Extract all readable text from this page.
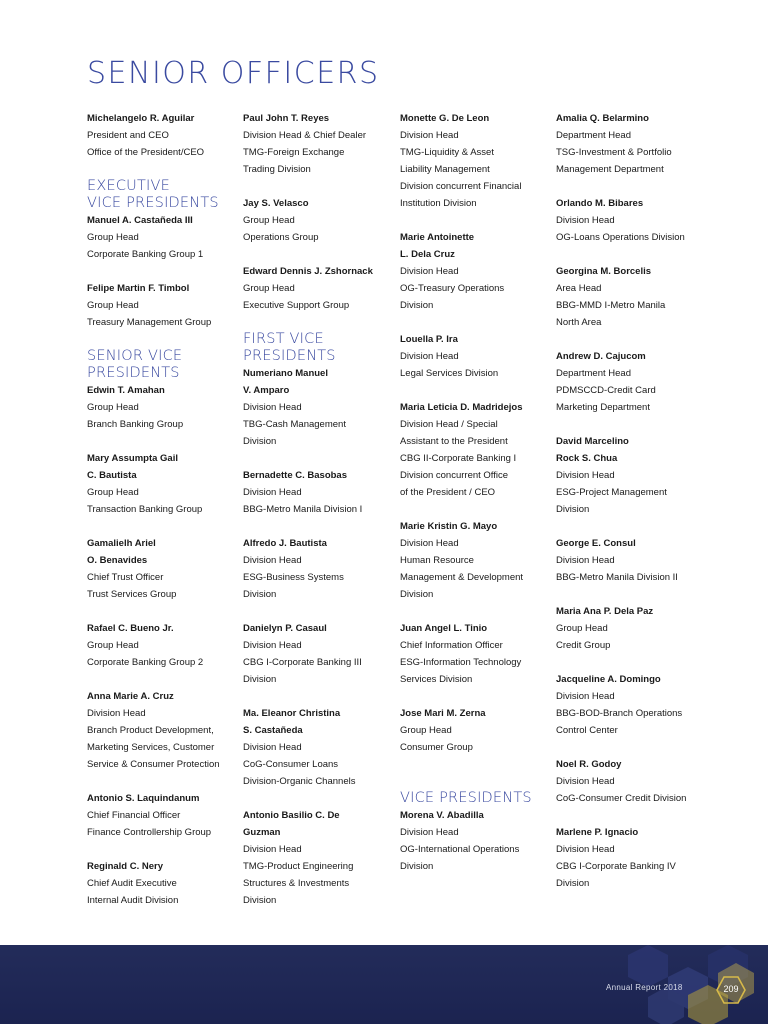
SENIOR OFFICERS
Michelangelo R. Aguilar
President and CEO
Office of the President/CEO
EXECUTIVE
VICE PRESIDENTS
Manuel A. Castañeda III
Group Head
Corporate Banking Group 1
Felipe Martin F. Timbol
Group Head
Treasury Management Group
SENIOR VICE
PRESIDENTS
Edwin T. Amahan
Group Head
Branch Banking Group
Mary Assumpta Gail
C. Bautista
Group Head
Transaction Banking Group
Gamalielh Ariel
O. Benavides
Chief Trust Officer
Trust Services Group
Rafael C. Bueno Jr.
Group Head
Corporate Banking Group 2
Anna Marie A. Cruz
Division Head
Branch Product Development,
Marketing Services, Customer
Service & Consumer Protection
Antonio S. Laquindanum
Chief Financial Officer
Finance Controllership Group
Reginald C. Nery
Chief Audit Executive
Internal Audit Division
Paul John T. Reyes
Division Head & Chief Dealer
TMG-Foreign Exchange
Trading Division
Jay S. Velasco
Group Head
Operations Group
Edward Dennis J. Zshornack
Group Head
Executive Support Group
FIRST VICE
PRESIDENTS
Numeriano Manuel
V. Amparo
Division Head
TBG-Cash Management
Division
Bernadette C. Basobas
Division Head
BBG-Metro Manila Division I
Alfredo J. Bautista
Division Head
ESG-Business Systems
Division
Danielyn P. Casaul
Division Head
CBG I-Corporate Banking III
Division
Ma. Eleanor Christina
S. Castañeda
Division Head
CoG-Consumer Loans
Division-Organic Channels
Antonio Basilio C. De
Guzman
Division Head
TMG-Product Engineering
Structures & Investments
Division
Monette G. De Leon
Division Head
TMG-Liquidity & Asset
Liability Management
Division concurrent Financial
Institution Division
Marie Antoinette
L. Dela Cruz
Division Head
OG-Treasury Operations
Division
Louella P. Ira
Division Head
Legal Services Division
Maria Leticia D. Madridejos
Division Head / Special
Assistant to the President
CBG II-Corporate Banking I
Division concurrent Office
of the President / CEO
Marie Kristin G. Mayo
Division Head
Human Resource
Management & Development
Division
Juan Angel L. Tinio
Chief Information Officer
ESG-Information Technology
Services Division
Jose Mari M. Zerna
Group Head
Consumer Group
VICE PRESIDENTS
Morena V. Abadilla
Division Head
OG-International Operations
Division
Amalia Q. Belarmino
Department Head
TSG-Investment & Portfolio
Management Department
Orlando M. Bibares
Division Head
OG-Loans Operations Division
Georgina M. Borcelis
Area Head
BBG-MMD I-Metro Manila
North Area
Andrew D. Cajucom
Department Head
PDMSCCD-Credit Card
Marketing Department
David Marcelino
Rock S. Chua
Division Head
ESG-Project Management
Division
George E. Consul
Division Head
BBG-Metro Manila Division II
Maria Ana P. Dela Paz
Group Head
Credit Group
Jacqueline A. Domingo
Division Head
BBG-BOD-Branch Operations
Control Center
Noel R. Godoy
Division Head
CoG-Consumer Credit Division
Marlene P. Ignacio
Division Head
CBG I-Corporate Banking IV
Division
Annual Report 2018	209
